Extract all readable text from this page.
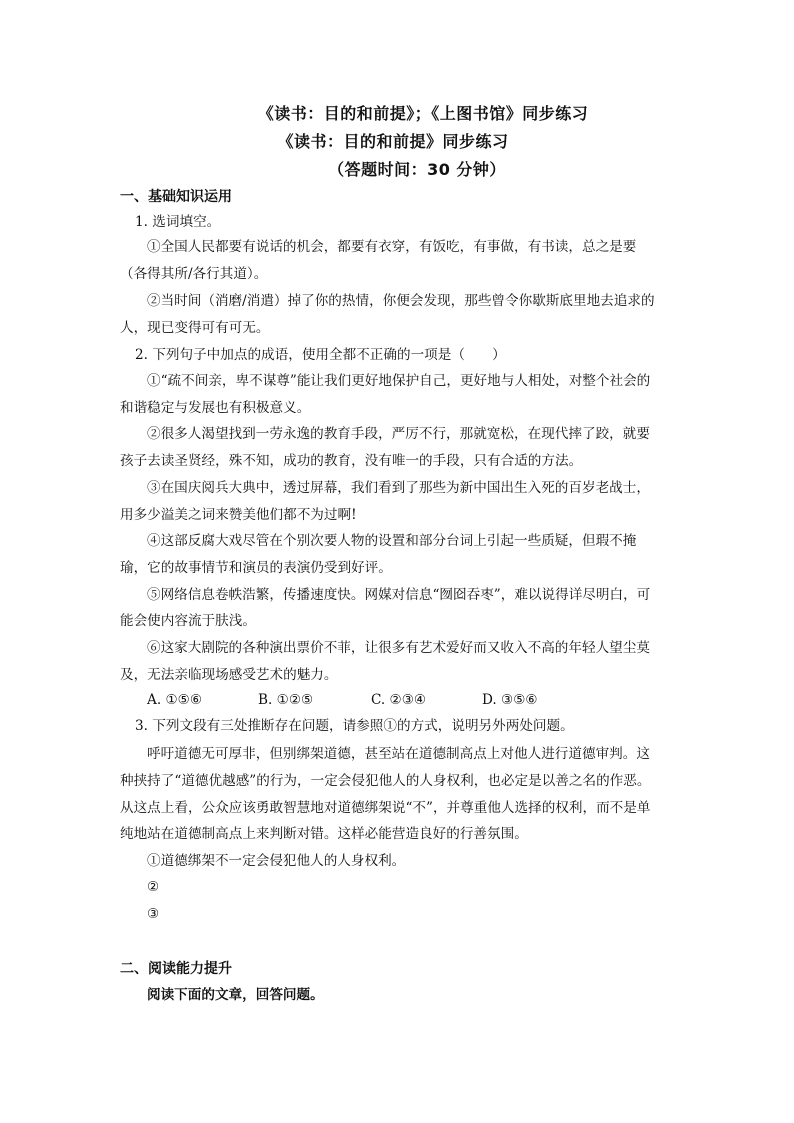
《读书：目的和前提》；《上图书馆》同步练习
《读书：目的和前提》同步练习
（答题时间：30 分钟）
一、基础知识运用
1. 选词填空。
①全国人民都要有说话的机会，都要有衣穿，有饭吃，有事做，有书读，总之是要
（各得其所/各行其道）。
②当时间（消磨/消遣）掉了你的热情，你便会发现，那些曾令你歇斯底里地去追求的
人，现已变得可有可无。
2. 下列句子中加点的成语，使用全都不正确的一项是（　　）
①“疏不间亲，卑不谋尊”能让我们更好地保护自己，更好地与人相处，对整个社会的
和谐稳定与发展也有积极意义。
②很多人渴望找到一劳永逸的教育手段，严厉不行，那就宽松，在现代摔了跤，就要
孩子去读圣贤经，殊不知，成功的教育，没有唯一的手段，只有合适的方法。
③在国庆阅兵大典中，透过屏幕，我们看到了那些为新中国出生入死的百岁老战士，
用多少溢美之词来赞美他们都不为过啊!
④这部反腐大戏尽管在个别次要人物的设置和部分台词上引起一些质疑，但瑕不掩
瑜，它的故事情节和演员的表演仍受到好评。
⑤网络信息卷帙浩繁，传播速度快。网媒对信息“囫囵吞枣”，难以说得详尽明白，可
能会使内容流于肤浅。
⑥这家大剧院的各种演出票价不菲，让很多有艺术爱好而又收入不高的年轻人望尘莫
及，无法亲临现场感受艺术的魅力。
A. ①⑤⑥	B. ①②⑤	C. ②③④	D. ③⑤⑥
3. 下列文段有三处推断存在问题，请参照①的方式，说明另外两处问题。
呼吁道德无可厚非，但别绑架道德，甚至站在道德制高点上对他人进行道德审判。这
种挟持了“道德优越感”的行为，一定会侵犯他人的人身权利，也必定是以善之名的作恶。
从这点上看，公众应该勇敢智慧地对道德绑架说“不”，并尊重他人选择的权利，而不是单
纯地站在道德制高点上来判断对错。这样必能营造良好的行善氛围。
①道德绑架不一定会侵犯他人的人身权利。
②
③
二、阅读能力提升
阅读下面的文章，回答问题。
